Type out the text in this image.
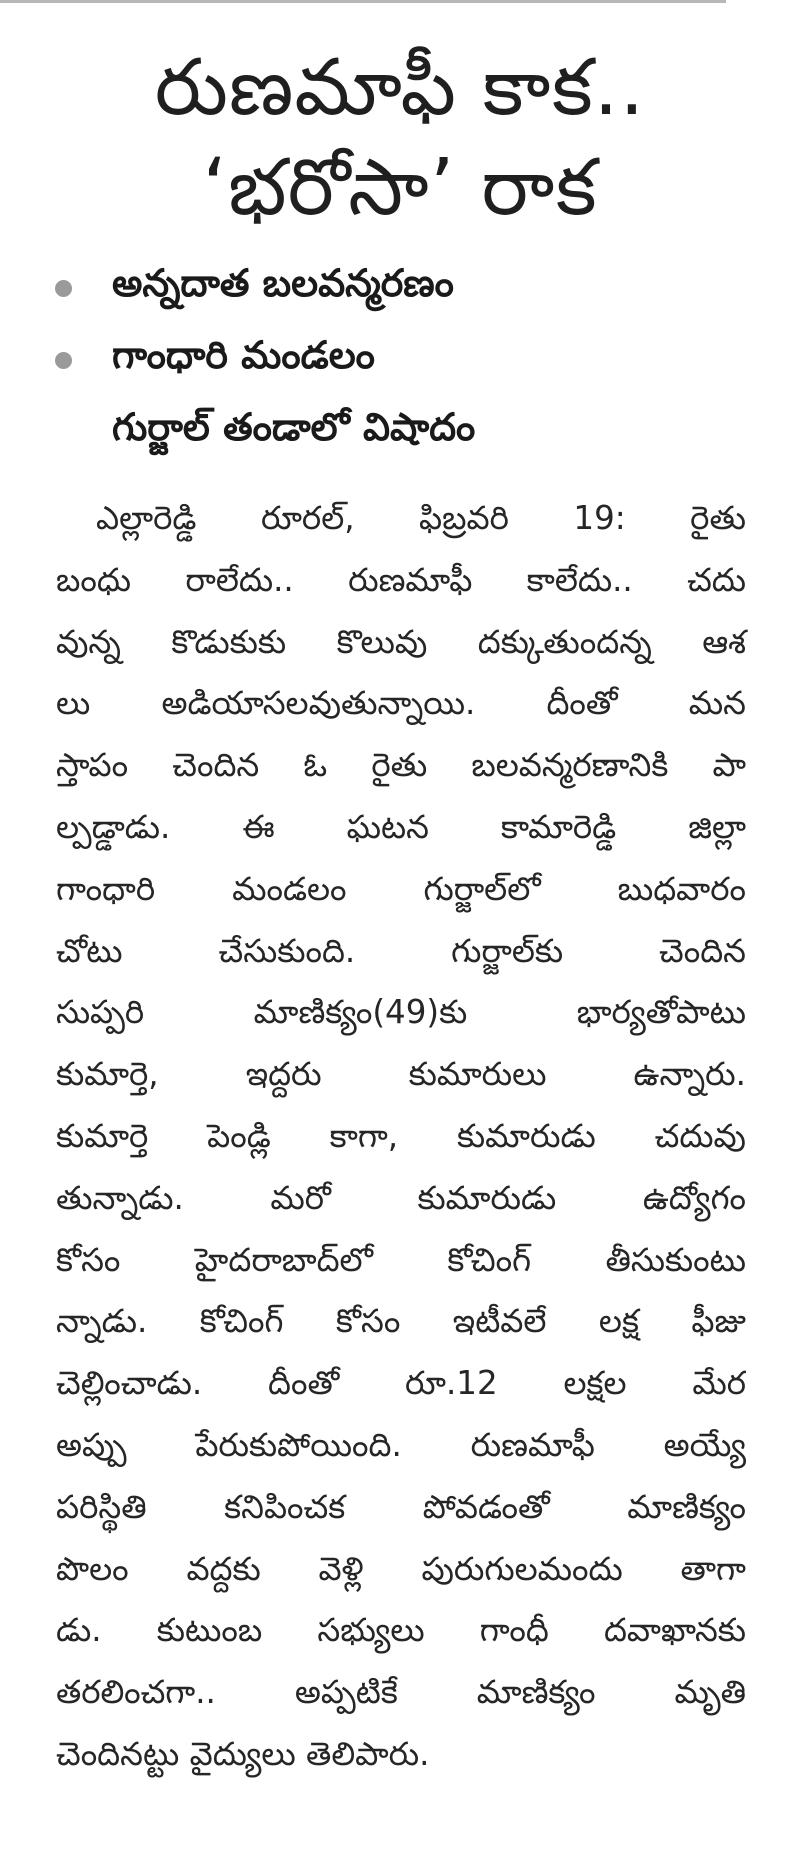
రుణమాఫీ కాక..
‘భరోసా’ రాక
అన్నదాత బలవన్మరణం
గాంధారి మండలం
గుర్జాల్ తండాలో విషాదం
ఎల్లారెడ్డి రూరల్, ఫిబ్రవరి 19: రైతు
బంధు రాలేదు.. రుణమాఫీ కాలేదు.. చదు
వున్న కొడుకుకు కొలువు దక్కుతుందన్న ఆశ
లు అడియాసలవుతున్నాయి. దీంతో మన
స్తాపం చెందిన ఓ రైతు బలవన్మరణానికి పా
ల్పడ్డాడు. ఈ ఘటన కామారెడ్డి జిల్లా
గాంధారి మండలం గుర్జాల్‌లో బుధవారం
చోటు చేసుకుంది. గుర్జాల్‌కు చెందిన
సుప్పరి మాణిక్యం(49)కు భార్యతోపాటు
కుమార్తె, ఇద్దరు కుమారులు ఉన్నారు.
కుమార్తె పెండ్లి కాగా, కుమారుడు చదువు
తున్నాడు. మరో కుమారుడు ఉద్యోగం
కోసం హైదరాబాద్‌లో కోచింగ్ తీసుకుంటు
న్నాడు. కోచింగ్ కోసం ఇటీవలే లక్ష ఫీజు
చెల్లించాడు. దీంతో రూ.12 లక్షల మేర
అప్పు పేరుకుపోయింది. రుణమాఫీ అయ్యే
పరిస్థితి కనిపించక పోవడంతో మాణిక్యం
పొలం వద్దకు వెళ్లి పురుగులమందు తాగా
డు. కుటుంబ సభ్యులు గాంధీ దవాఖానకు
తరలించగా.. అప్పటికే మాణిక్యం మృతి
చెందినట్టు వైద్యులు తెలిపారు.
